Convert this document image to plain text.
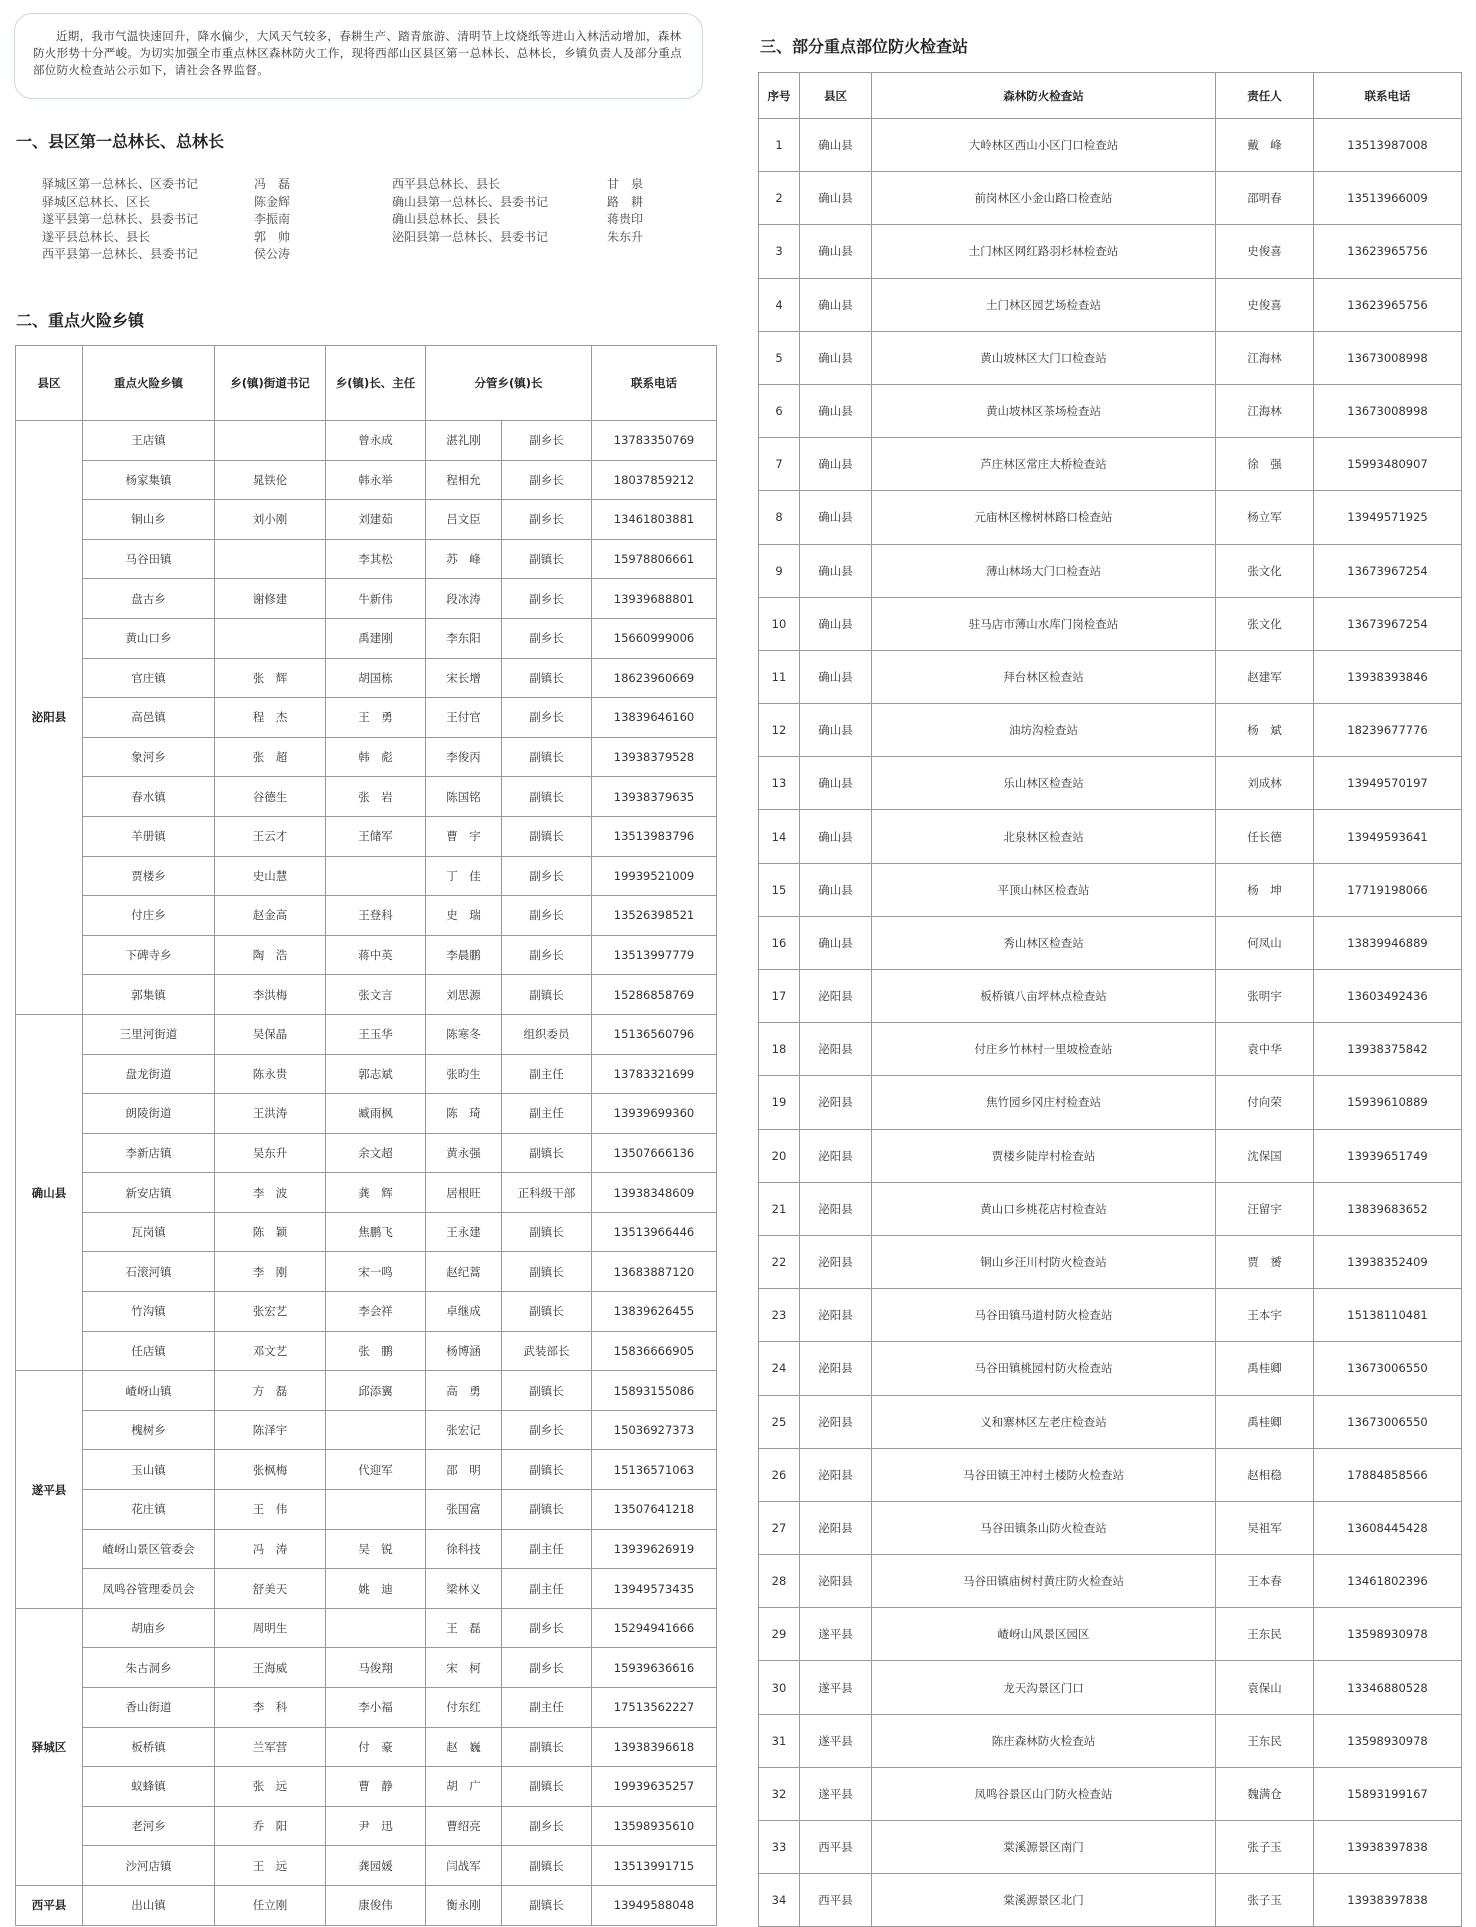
近期，我市气温快速回升，降水偏少，大风天气较多，春耕生产、踏青旅游、清明节上坟烧纸等进山入林活动增加，森林防火形势十分严峻。为切实加强全市重点林区森林防火工作，现将西部山区县区第一总林长、总林长，乡镇负责人及部分重点部位防火检查站公示如下，请社会各界监督。
一、县区第一总林长、总林长
驿城区第一总林长、区委书记	冯　磊
驿城区总林长、区长	陈金辉
遂平县第一总林长、县委书记	李振南
遂平县总林长、县长	郭　帅
西平县第一总林长、县委书记	侯公涛
西平县总林长、县长	甘　泉
确山县第一总林长、县委书记	路　耕
确山县总林长、县长	蒋贵印
泌阳县第一总林长、县委书记	朱东升
二、重点火险乡镇
县区	重点火险乡镇	乡(镇)街道书记	乡(镇)长、主任	分管乡(镇)长		联系电话
泌阳县	王店镇		曾永成	湛礼刚	副乡长	13783350769
	杨家集镇	晁铁伦	韩永举	程相允	副乡长	18037859212
	铜山乡	刘小刚	刘建茹	吕文臣	副乡长	13461803881
	马谷田镇		李其松	苏　峰	副镇长	15978806661
	盘古乡	谢修建	牛新伟	段冰涛	副乡长	13939688801
	黄山口乡		禹建刚	李东阳	副乡长	15660999006
	官庄镇	张　辉	胡国栋	宋长增	副镇长	18623960669
	高邑镇	程　杰	王　勇	王付官	副乡长	13839646160
	象河乡	张　超	韩　彪	李俊丙	副镇长	13938379528
	春水镇	谷德生	张　岩	陈国铭	副镇长	13938379635
	羊册镇	王云才	王储军	曹　宇	副镇长	13513983796
	贾楼乡	史山慧		丁　佳	副乡长	19939521009
	付庄乡	赵金高	王登科	史　瑞	副乡长	13526398521
	下碑寺乡	陶　浩	蒋中英	李晨鹏	副乡长	13513997779
	郭集镇	李洪梅	张文言	刘思源	副镇长	15286858769
确山县	三里河街道	吴保晶	王玉华	陈寒冬	组织委员	15136560796
	盘龙街道	陈永贵	郭志斌	张昀生	副主任	13783321699
	朗陵街道	王洪涛	臧雨枫	陈　琦	副主任	13939699360
	李新店镇	吴东升	余文超	黄永强	副镇长	13507666136
	新安店镇	李　波	龚　辉	居根旺	正科级干部	13938348609
	瓦岗镇	陈　颖	焦鹏飞	王永建	副镇长	13513966446
	石滚河镇	李　刚	宋一鸣	赵纪蒿	副镇长	13683887120
	竹沟镇	张宏艺	李会祥	卓继成	副镇长	13839626455
	任店镇	邓文艺	张　鹏	杨博涵	武装部长	15836666905
遂平县	嵖岈山镇	方　磊	邱添翼	高　勇	副镇长	15893155086
	槐树乡	陈泽宇		张宏记	副乡长	15036927373
	玉山镇	张枫梅	代迎军	邵　明	副镇长	15136571063
	花庄镇	王　伟		张国富	副镇长	13507641218
	嵖岈山景区管委会	冯　涛	吴　锐	徐科技	副主任	13939626919
	凤鸣谷管理委员会	舒美天	姚　迪	梁林义	副主任	13949573435
驿城区	胡庙乡	周明生		王　磊	副乡长	15294941666
	朱古洞乡	王海威	马俊翔	宋　柯	副乡长	15939636616
	香山街道	李　科	李小福	付东红	副主任	17513562227
	板桥镇	兰军营	付　豪	赵　巍	副镇长	13938396618
	蚁蜂镇	张　远	曹　静	胡　广	副镇长	19939635257
	老河乡	乔　阳	尹　迅	曹绍亮	副乡长	13598935610
	沙河店镇	王　远	龚园媛	闫战军	副镇长	13513991715
西平县	出山镇	任立刚	康俊伟	衡永刚	副镇长	13949588048
三、部分重点部位防火检查站
序号	县区	森林防火检查站	责任人	联系电话
1	确山县	大岭林区西山小区门口检查站	戴　峰	13513987008
2	确山县	前岗林区小金山路口检查站	邵明春	13513966009
3	确山县	土门林区网红路羽杉林检查站	史俊喜	13623965756
4	确山县	土门林区园艺场检查站	史俊喜	13623965756
5	确山县	黄山坡林区大门口检查站	江海林	13673008998
6	确山县	黄山坡林区茶场检查站	江海林	13673008998
7	确山县	芦庄林区常庄大桥检查站	徐　强	15993480907
8	确山县	元庙林区橡树林路口检查站	杨立军	13949571925
9	确山县	薄山林场大门口检查站	张文化	13673967254
10	确山县	驻马店市薄山水库门岗检查站	张文化	13673967254
11	确山县	拜台林区检查站	赵建军	13938393846
12	确山县	油坊沟检查站	杨　斌	18239677776
13	确山县	乐山林区检查站	刘成林	13949570197
14	确山县	北泉林区检查站	任长德	13949593641
15	确山县	平顶山林区检查站	杨　坤	17719198066
16	确山县	秀山林区检查站	何凤山	13839946889
17	泌阳县	板桥镇八亩坪林点检查站	张明宇	13603492436
18	泌阳县	付庄乡竹林村一里坡检查站	袁中华	13938375842
19	泌阳县	焦竹园乡冈庄村检查站	付向荣	15939610889
20	泌阳县	贾楼乡陡岸村检查站	沈保国	13939651749
21	泌阳县	黄山口乡桃花店村检查站	汪留宇	13839683652
22	泌阳县	铜山乡汪川村防火检查站	贾　赟	13938352409
23	泌阳县	马谷田镇马道村防火检查站	王本宇	15138110481
24	泌阳县	马谷田镇桃园村防火检查站	禹桂卿	13673006550
25	泌阳县	义和寨林区左老庄检查站	禹桂卿	13673006550
26	泌阳县	马谷田镇王冲村土楼防火检查站	赵相稳	17884858566
27	泌阳县	马谷田镇条山防火检查站	吴祖军	13608445428
28	泌阳县	马谷田镇庙树村黄庄防火检查站	王本春	13461802396
29	遂平县	嵖岈山风景区园区	王东民	13598930978
30	遂平县	龙天沟景区门口	袁保山	13346880528
31	遂平县	陈庄森林防火检查站	王东民	13598930978
32	遂平县	凤鸣谷景区山门防火检查站	魏满仓	15893199167
33	西平县	棠溪源景区南门	张子玉	13938397838
34	西平县	棠溪源景区北门	张子玉	13938397838
